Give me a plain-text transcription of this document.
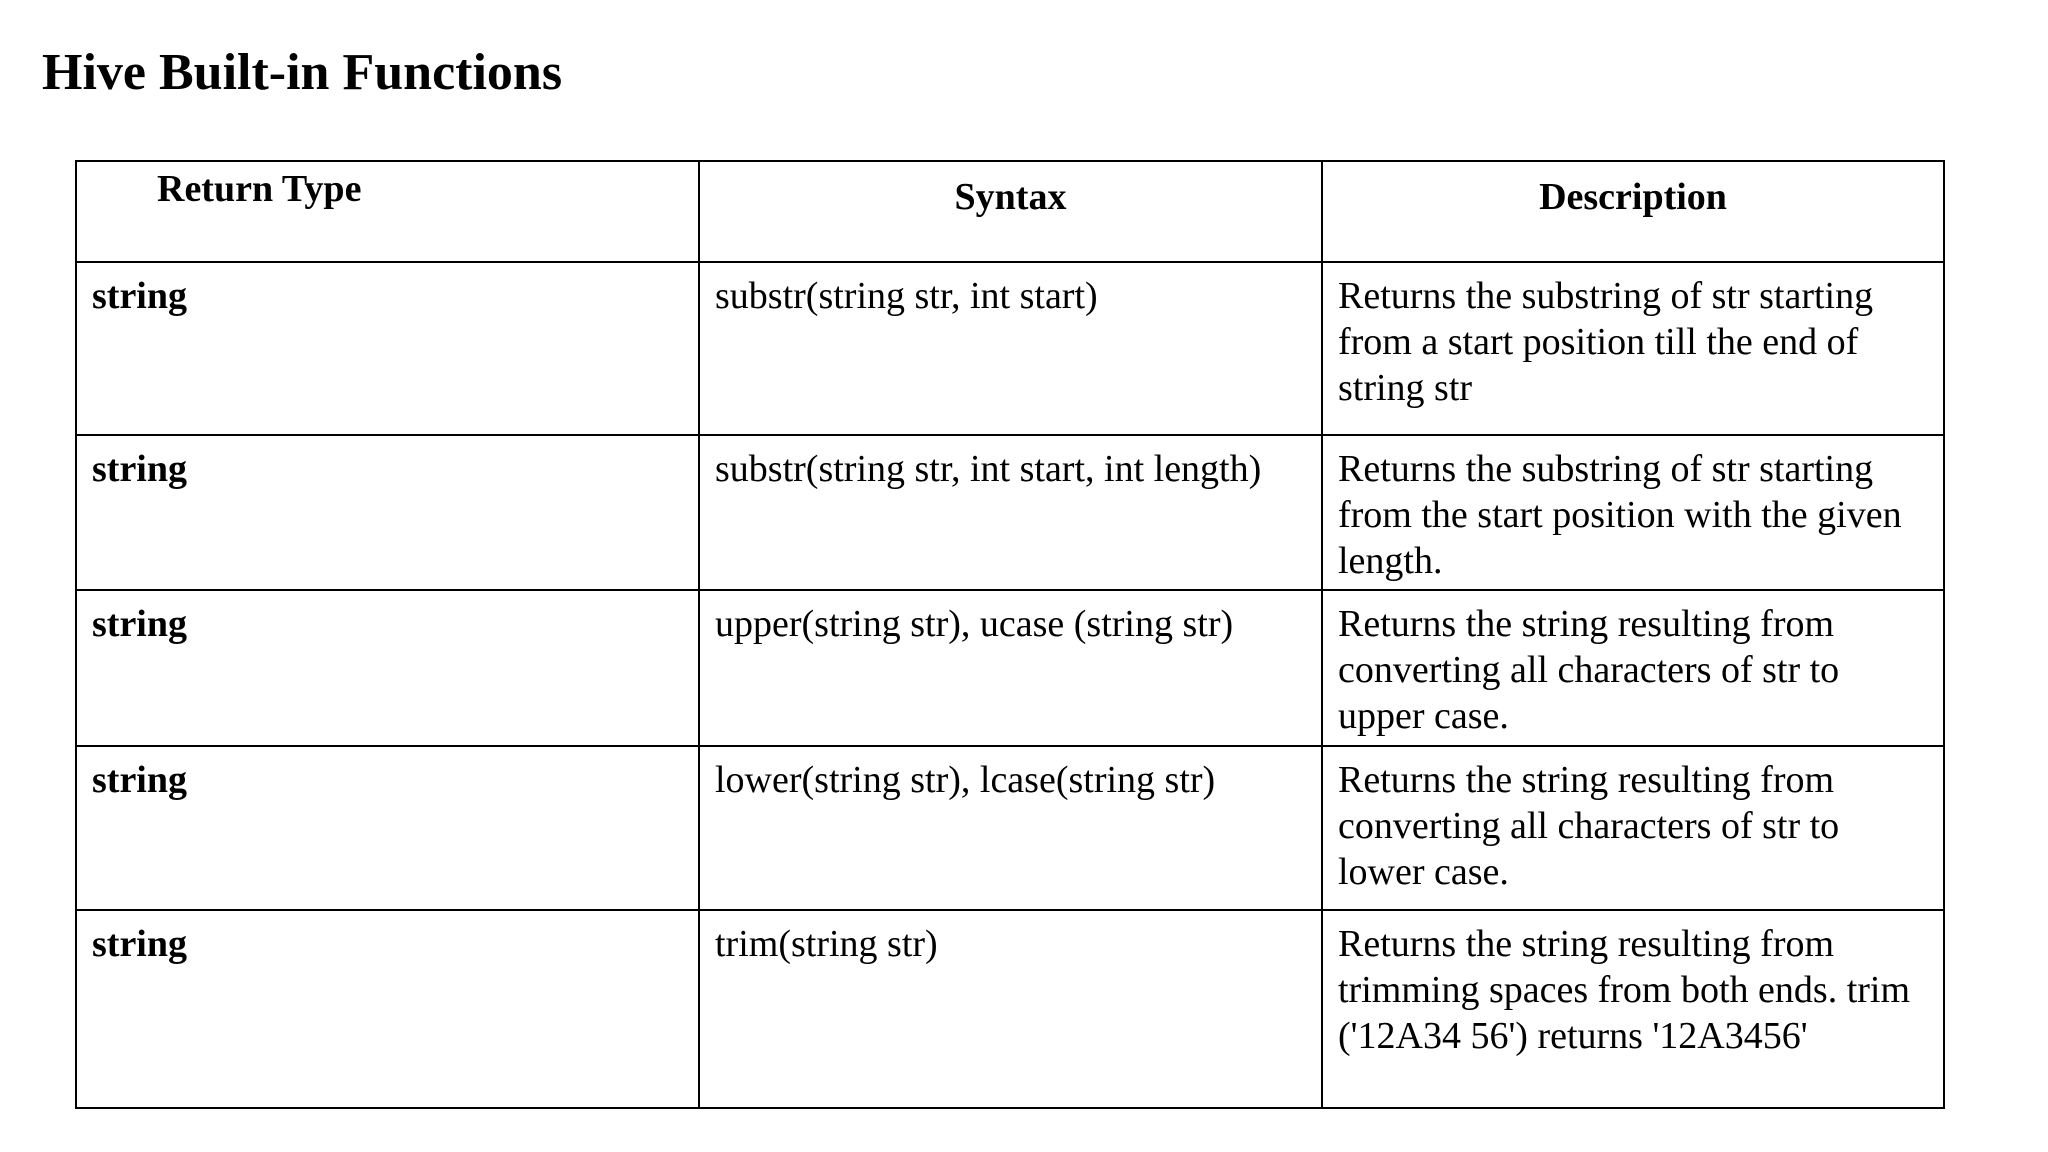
Hive Built-in Functions
Return Type	Syntax	Description
string	substr(string str, int start)	Returns the substring of str starting from a start position till the end of string str
string	substr(string str, int start, int length)	Returns the substring of str starting from the start position with the given length.
string	upper(string str), ucase (string str)	Returns the string resulting from converting all characters of str to upper case.
string	lower(string str), lcase(string str)	Returns the string resulting from converting all characters of str to lower case.
string	trim(string str)	Returns the string resulting from trimming spaces from both ends. trim ('12A34 56') returns '12A3456'
